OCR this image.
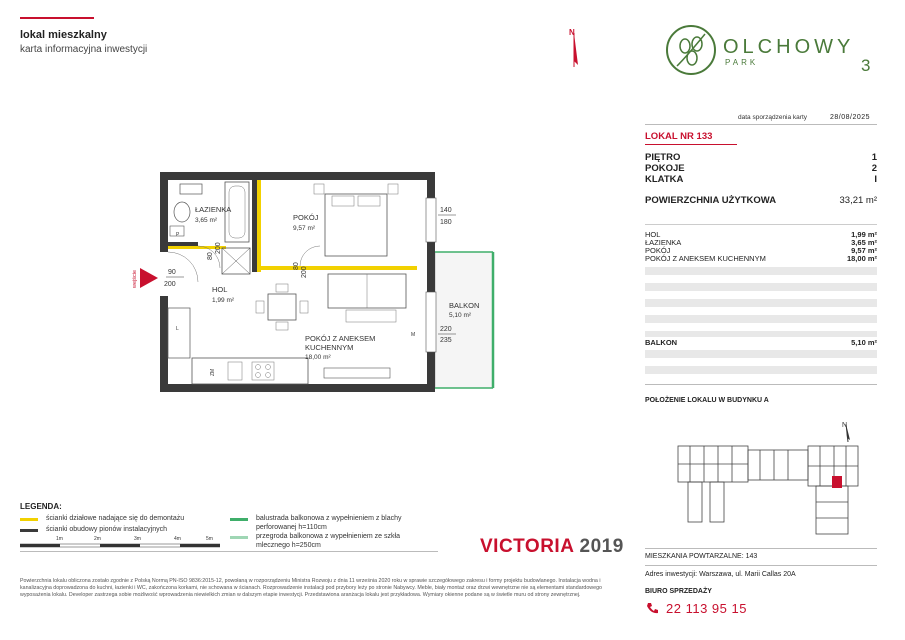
lokal mieszkalny
karta informacyjna inwestycji
N
OLCHOWY
PARK	3
data sporządzenia karty	28/08/2025
LOKAL NR 133
PIĘTRO	1
POKOJE	2
KLATKA	I
POWIERZCHNIA UŻYTKOWA	33,21 m²
HOL	1,99 m²
ŁAZIENKA	3,65 m²
POKÓJ	9,57 m²
POKÓJ Z ANEKSEM KUCHENNYM	18,00 m²
BALKON	5,10 m²
POŁOŻENIE LOKALU W BUDYNKU A
N
MIESZKANIA POWTARZALNE: 143
Adres inwestycji: Warszawa, ul. Marii Callas 20A
BIURO SPRZEDAŻY
22 113 95 15
wejście
ŁAZIENKA
3,65 m²	POKÓJ
9,57 m²
HOL
1,99 m²
BALKON
5,10 m²
POKÓJ Z ANEKSEM
KUCHENNYM
18,00 m²
90
200
80
200
80
200
140
180
220
235
P
L
ZM
M
LEGENDA:
ścianki działowe nadające się do demontażu
ścianki obudowy pionów instalacyjnych
balustrada balkonowa z wypełnieniem z blachy
perforowanej h=110cm
przegroda balkonowa z wypełnieniem ze szkła
mlecznego h=250cm
1m	2m	3m	4m	5m	VICTORIA 2019
Powierzchnia lokalu obliczona zostało zgodnie z Polską Normą PN-ISO 9836:2015-12, powołaną w rozporządzeniu Ministra Rozwoju z dnia 11 września 2020 roku w sprawie szczegółowego zakresu i formy projektu budowlanego. Instalacja wodna i kanalizacyjna doprowadzona do kuchni, łazienki i WC, zakończona korkami, nie schowana w ścianach. Rozprowadzenie instalacji pod przybory leży po stronie Nabywcy. Meble, biały montaż oraz drzwi wewnętrzne nie są elementami standardowego wyposażenia lokalu. Developer zastrzega sobie możliwość wprowadzenia niewielkich zmian w dalszym etapie inwestycji. Przedstawiona aranżacja lokalu jest przykładowa. Wymiary okienne podane są w świetle muru od strony zewnętrznej.
